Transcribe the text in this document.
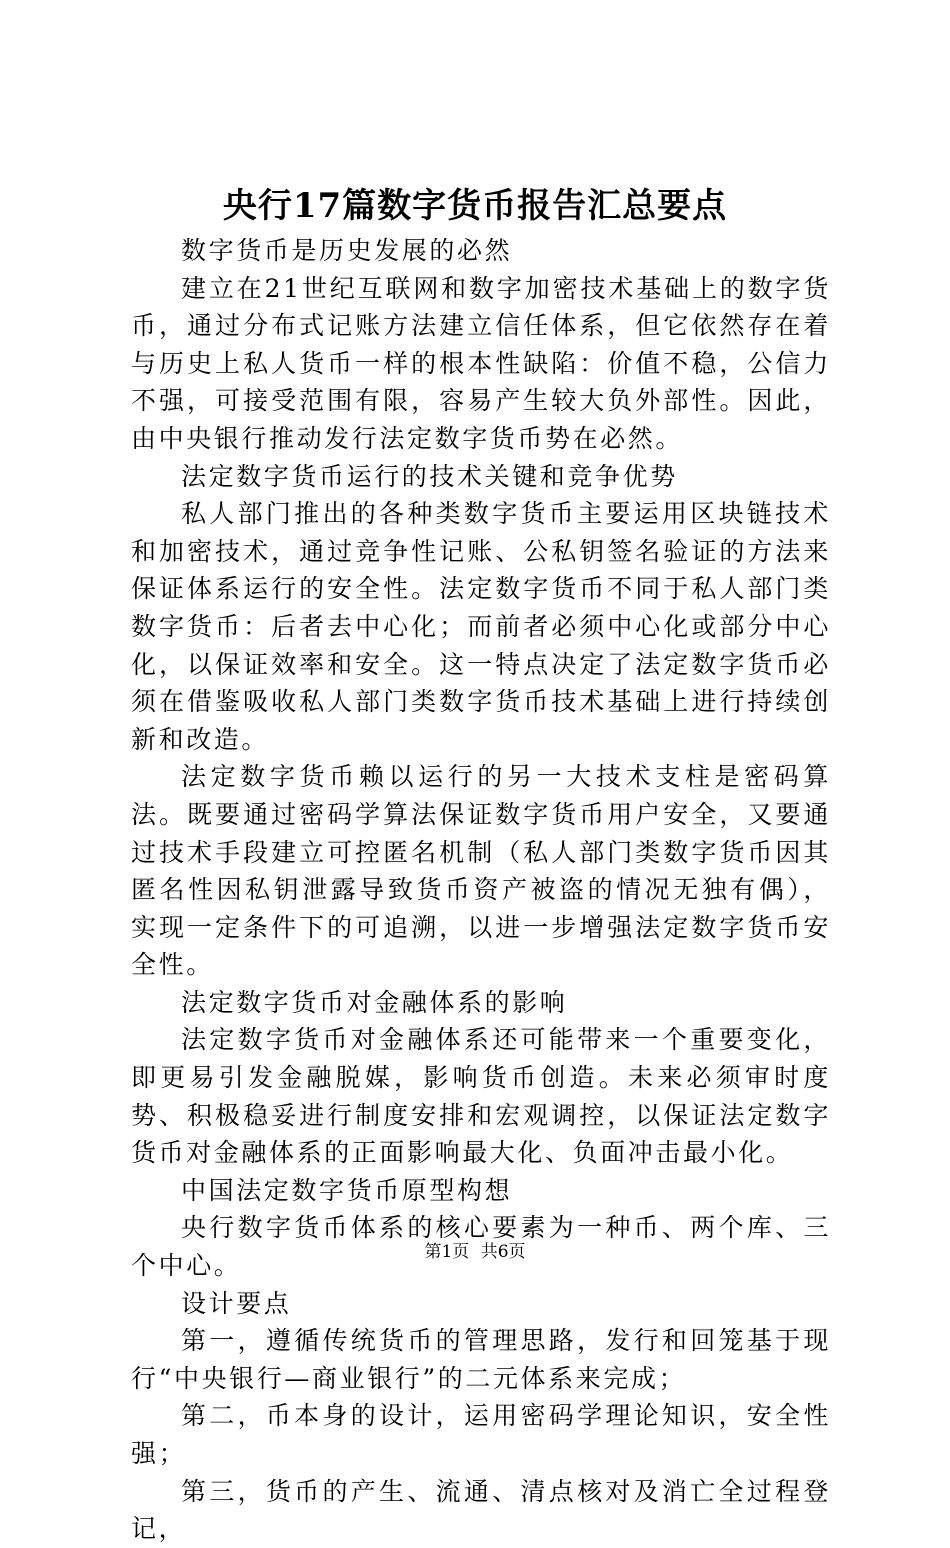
央行17篇数字货币报告汇总要点

数字货币是历史发展的必然

建立在21世纪互联网和数字加密技术基础上的数字货币，通过分布式记账方法建立信任体系，但它依然存在着与历史上私人货币一样的根本性缺陷：价值不稳，公信力不强，可接受范围有限，容易产生较大负外部性。因此，由中央银行推动发行法定数字货币势在必然。

法定数字货币运行的技术关键和竞争优势

私人部门推出的各种类数字货币主要运用区块链技术和加密技术，通过竞争性记账、公私钥签名验证的方法来保证体系运行的安全性。法定数字货币不同于私人部门类数字货币：后者去中心化；而前者必须中心化或部分中心化，以保证效率和安全。这一特点决定了法定数字货币必须在借鉴吸收私人部门类数字货币技术基础上进行持续创新和改造。

法定数字货币赖以运行的另一大技术支柱是密码算法。既要通过密码学算法保证数字货币用户安全，又要通过技术手段建立可控匿名机制（私人部门类数字货币因其匿名性因私钥泄露导致货币资产被盗的情况无独有偶），实现一定条件下的可追溯，以进一步增强法定数字货币安全性。

法定数字货币对金融体系的影响

法定数字货币对金融体系还可能带来一个重要变化，即更易引发金融脱媒，影响货币创造。未来必须审时度势、积极稳妥进行制度安排和宏观调控，以保证法定数字货币对金融体系的正面影响最大化、负面冲击最小化。

中国法定数字货币原型构想

央行数字货币体系的核心要素为一种币、两个库、三个中心。

设计要点

第一，遵循传统货币的管理思路，发行和回笼基于现行“中央银行—商业银行”的二元体系来完成；

第二，币本身的设计，运用密码学理论知识，安全性强；

第三，货币的产生、流通、清点核对及消亡全过程登记，

第1页 共6页
